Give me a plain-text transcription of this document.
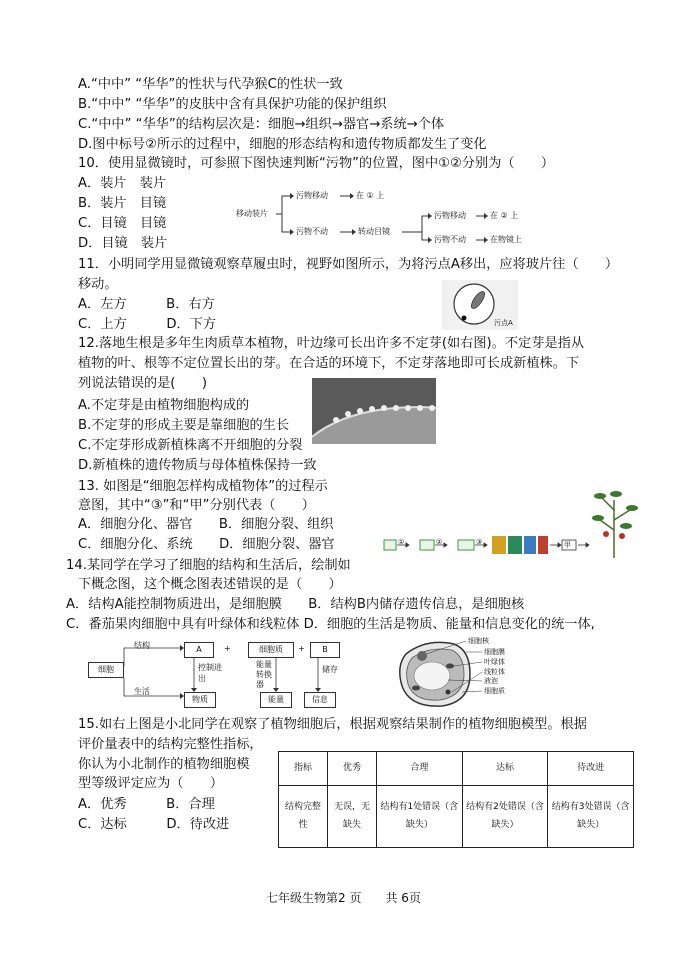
A.“中中” “华华”的性状与代孕猴C的性状一致
B.“中中” “华华”的皮肤中含有具保护功能的保护组织
C.“中中” “华华”的结构层次是：细胞→组织→器官→系统→个体
D.图中标号②所示的过程中，细胞的形态结构和遗传物质都发生了变化
10．使用显微镜时，可参照下图快速判断“污物”的位置，图中①②分别为（　　）
A．装片　装片
B．装片　目镜
C．目镜　目镜
D．目镜　装片
移动装片
污物移动	在 ① 上
污物不动	转动目镜
污物移动	在 ② 上
污物不动	在物镜上
11．小明同学用显微镜观察草履虫时，视野如图所示，为将污点A移出，应将玻片往（　　）
移动。
A．左方　　　B．右方
C．上方　　　D．下方	污点A
12.落地生根是多年生肉质草本植物，叶边缘可长出许多不定芽(如右图)。不定芽是指从
植物的叶、根等不定位置长出的芽。在合适的环境下，不定芽落地即可长成新植株。下
列说法错误的是(　　)
A.不定芽是由植物细胞构成的
B.不定芽的形成主要是靠细胞的生长
C.不定芽形成新植株离不开细胞的分裂
D.新植株的遗传物质与母体植株保持一致
13. 如图是“细胞怎样构成植物体”的过程示
意图，其中“③”和“甲”分别代表（　　）
A．细胞分化、器官　　B．细胞分裂、组织
C．细胞分化、系统　　D．细胞分裂、器官	①	②	③	甲
14.某同学在学习了细胞的结构和生活后，绘制如
下概念图，这个概念图表述错误的是（　　）
A．结构A能控制物质进出，是细胞膜　　B．结构B内储存遗传信息，是细胞核
C．番茄果肉细胞中具有叶绿体和线粒体 D．细胞的生活是物质、能量和信息变化的统一体,
细胞
结构
生活
A	+	细胞质	+	B
控制进出
能量转换器
储存
物质	能量	信息
细胞核
细胞膜
叶绿体
线粒体
液泡
细胞质
15.如右上图是小北同学在观察了植物细胞后，根据观察结果制作的植物细胞模型。根据
评价量表中的结构完整性指标，
你认为小北制作的植物细胞模
型等级评定应为（　　）
A．优秀　　　B．合理
C．达标　　　D．待改进
指标	优秀	合理	达标	待改进
结构完整性	无误，无缺失	结构有1处错误（含缺失）	结构有2处错误（含缺失）	结构有3处错误（含缺失）
七年级生物第2 页　　共 6页
